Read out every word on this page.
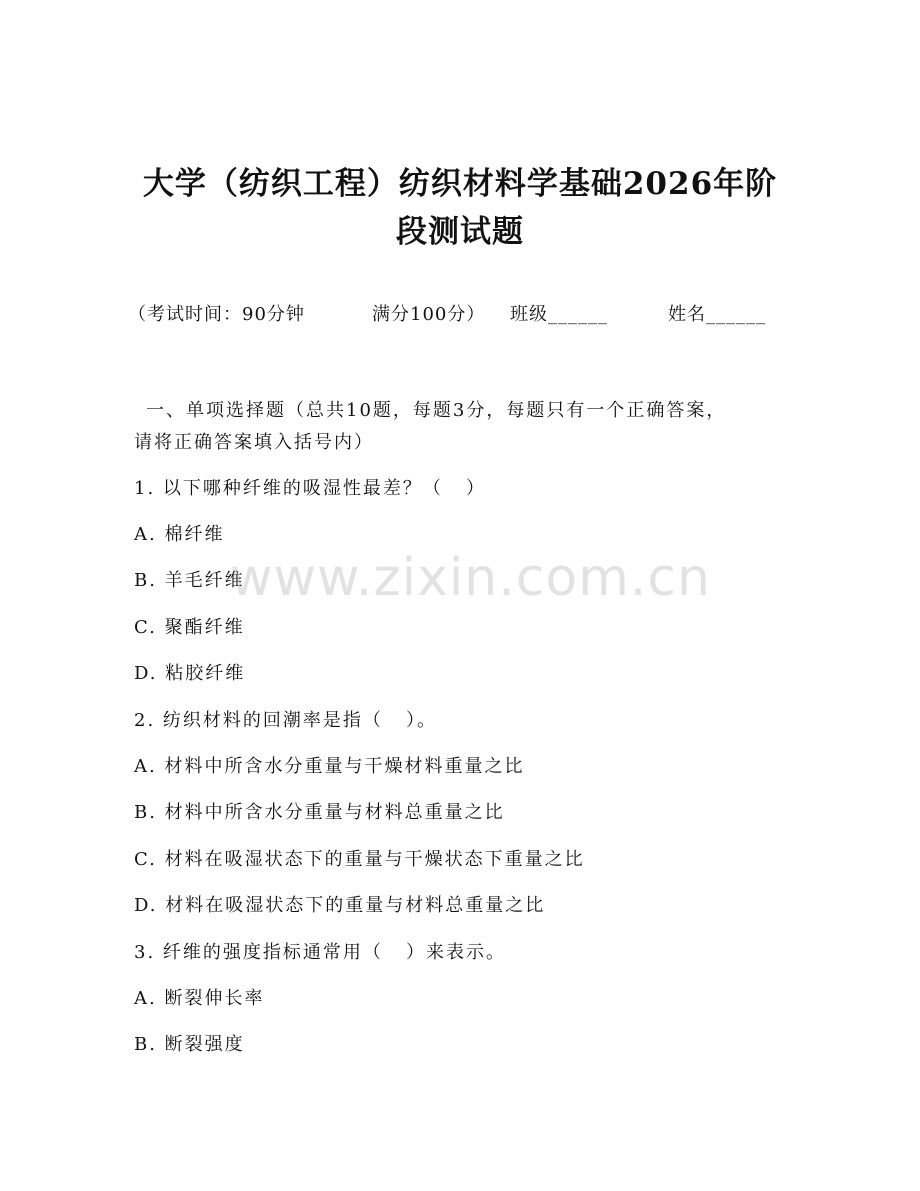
大学（纺织工程）纺织材料学基础2026年阶
段测试题
（考试时间：90分钟	满分100分） 班级______	姓名______
一、单项选择题（总共10题，每题3分，每题只有一个正确答案，
请将正确答案填入括号内）
1. 以下哪种纤维的吸湿性最差？（   ）
A. 棉纤维
B. 羊毛纤维
C. 聚酯纤维
D. 粘胶纤维
2. 纺织材料的回潮率是指（   ）。
A. 材料中所含水分重量与干燥材料重量之比
B. 材料中所含水分重量与材料总重量之比
C. 材料在吸湿状态下的重量与干燥状态下重量之比
D. 材料在吸湿状态下的重量与材料总重量之比
3. 纤维的强度指标通常用（   ）来表示。
A. 断裂伸长率
B. 断裂强度
www.zixin.com.cn
